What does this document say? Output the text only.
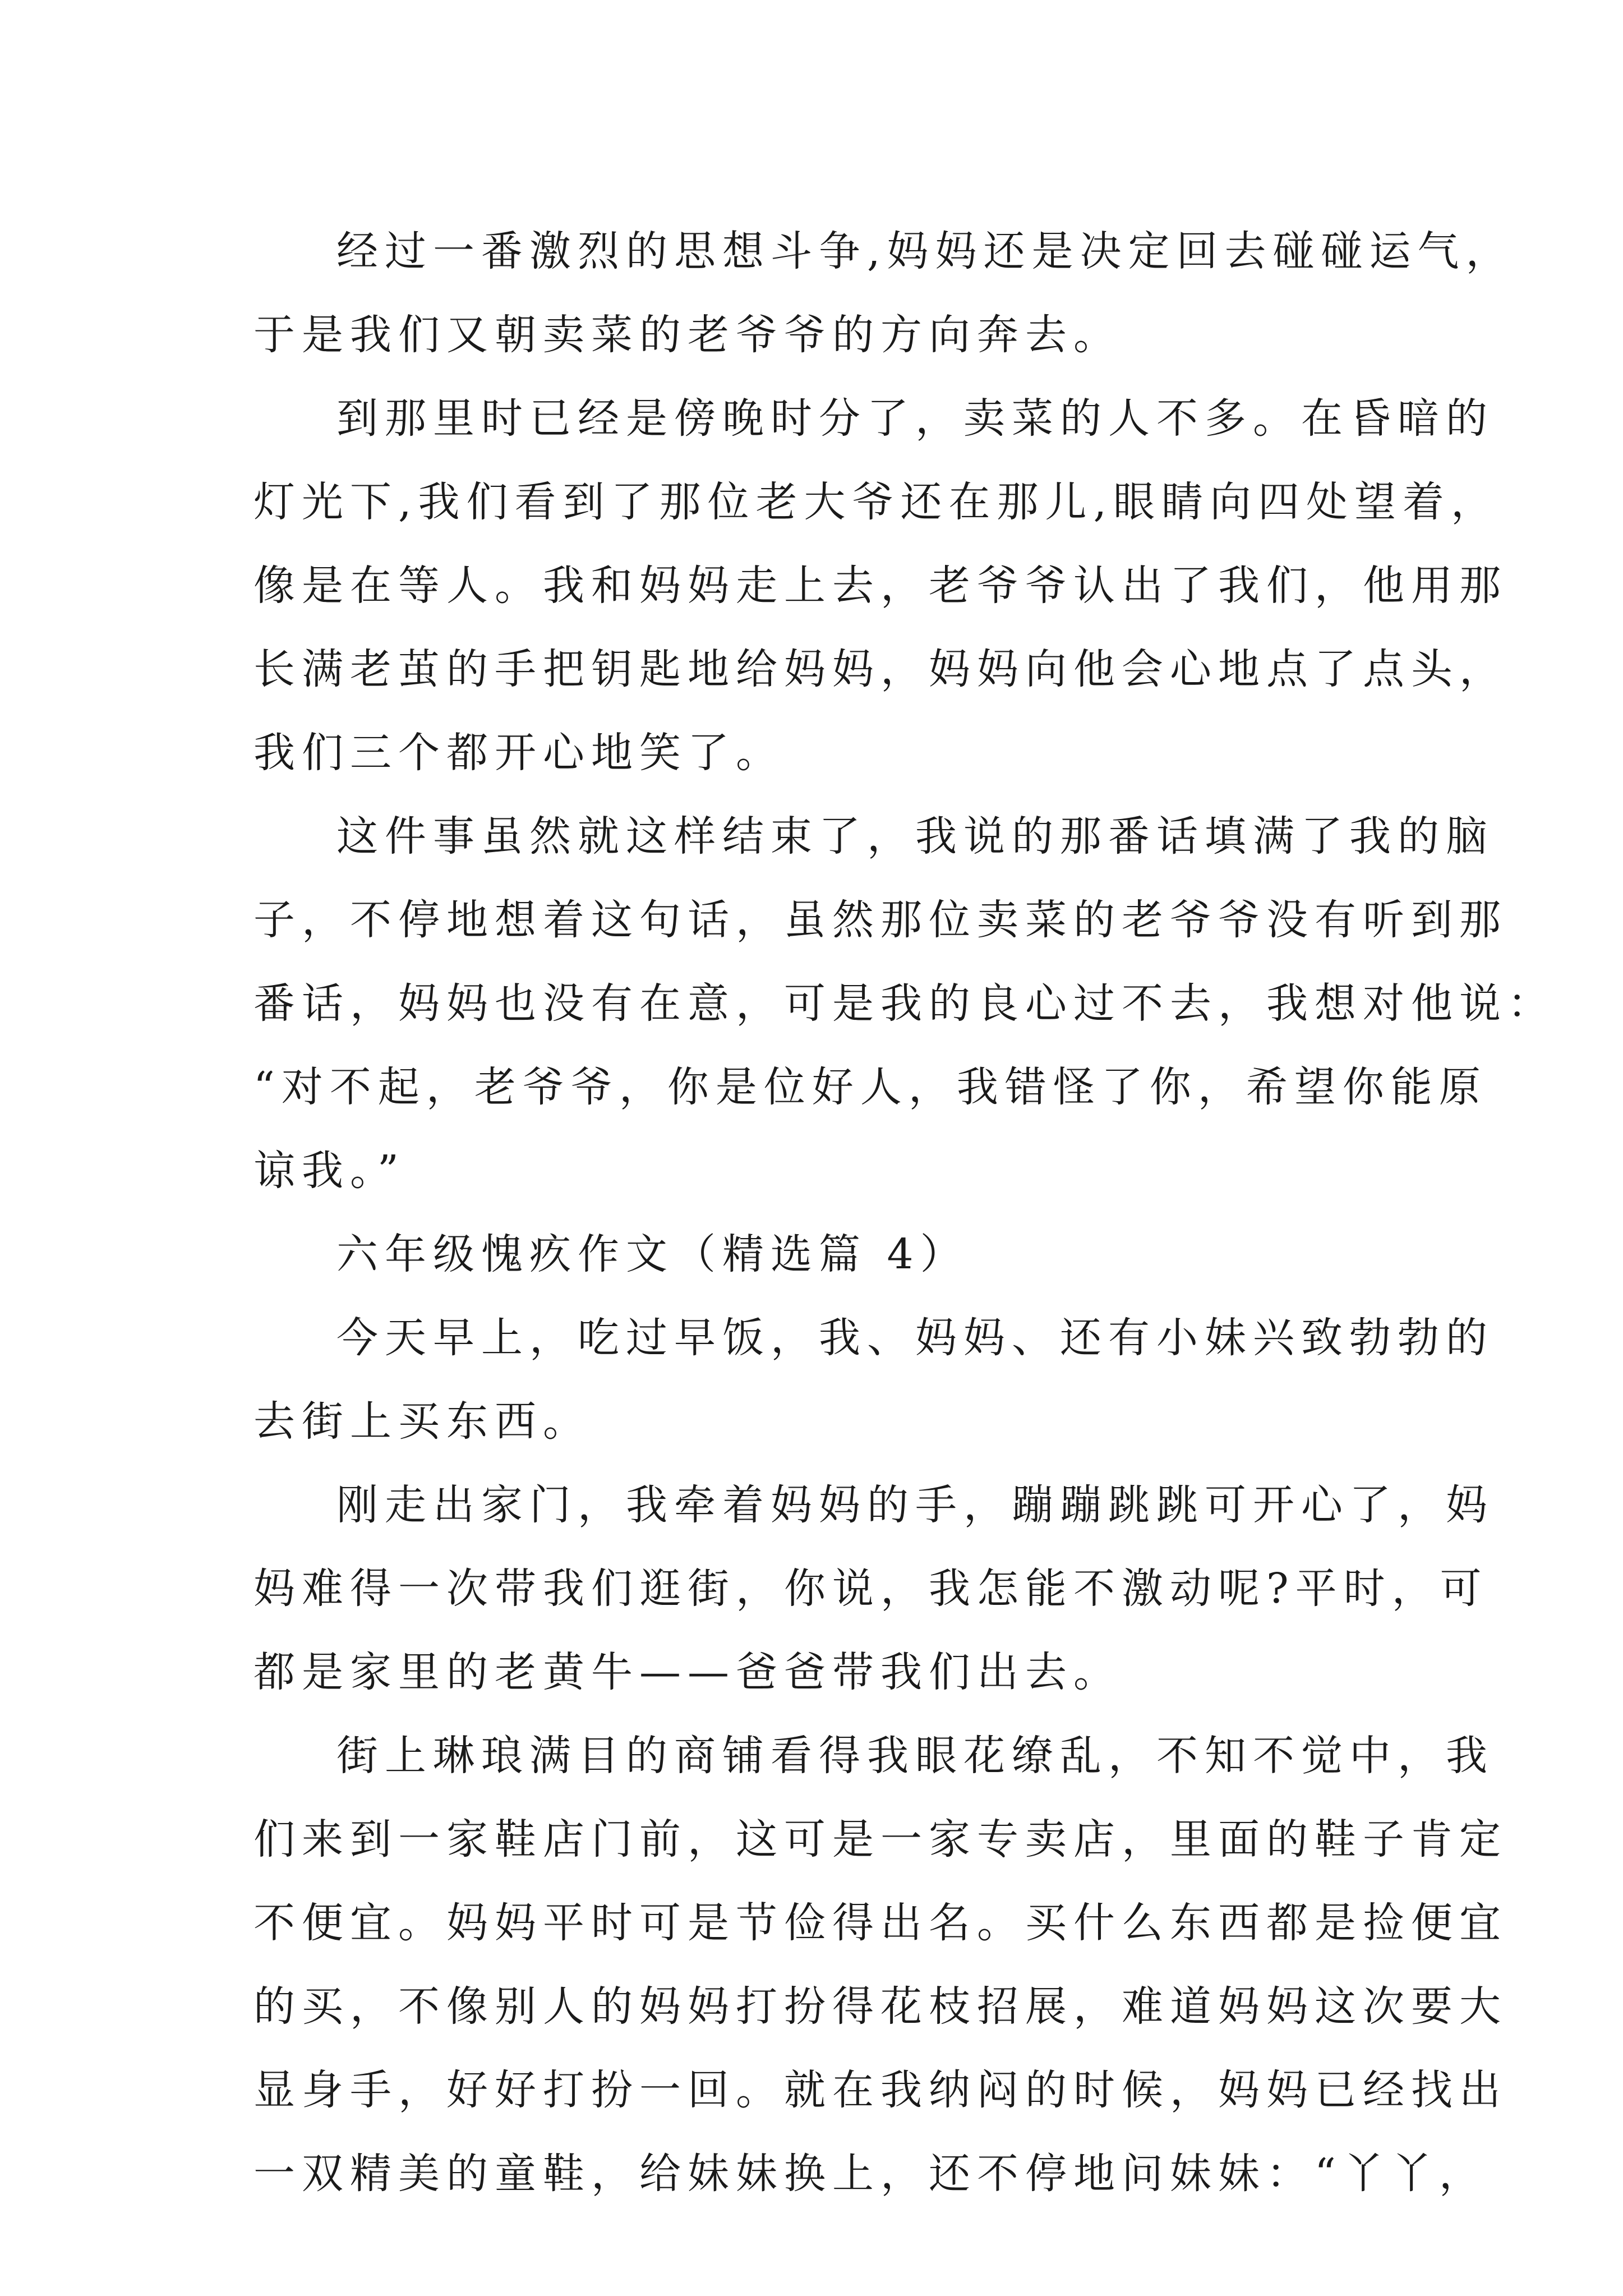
经过一番激烈的思想斗争,妈妈还是决定回去碰碰运气，
于是我们又朝卖菜的老爷爷的方向奔去。
到那里时已经是傍晚时分了，卖菜的人不多。在昏暗的
灯光下,我们看到了那位老大爷还在那儿,眼睛向四处望着，
像是在等人。我和妈妈走上去，老爷爷认出了我们，他用那
长满老茧的手把钥匙地给妈妈，妈妈向他会心地点了点头，
我们三个都开心地笑了。
这件事虽然就这样结束了，我说的那番话填满了我的脑
子，不停地想着这句话，虽然那位卖菜的老爷爷没有听到那
番话，妈妈也没有在意，可是我的良心过不去，我想对他说：
“对不起，老爷爷，你是位好人，我错怪了你，希望你能原
谅我。”
六年级愧疚作文（精选篇 4）
今天早上，吃过早饭，我、妈妈、还有小妹兴致勃勃的
去街上买东西。
刚走出家门，我牵着妈妈的手，蹦蹦跳跳可开心了，妈
妈难得一次带我们逛街，你说，我怎能不激动呢?平时，可
都是家里的老黄牛——爸爸带我们出去。
街上琳琅满目的商铺看得我眼花缭乱，不知不觉中，我
们来到一家鞋店门前，这可是一家专卖店，里面的鞋子肯定
不便宜。妈妈平时可是节俭得出名。买什么东西都是捡便宜
的买，不像别人的妈妈打扮得花枝招展，难道妈妈这次要大
显身手，好好打扮一回。就在我纳闷的时候，妈妈已经找出
一双精美的童鞋，给妹妹换上，还不停地问妹妹：“丫丫，
